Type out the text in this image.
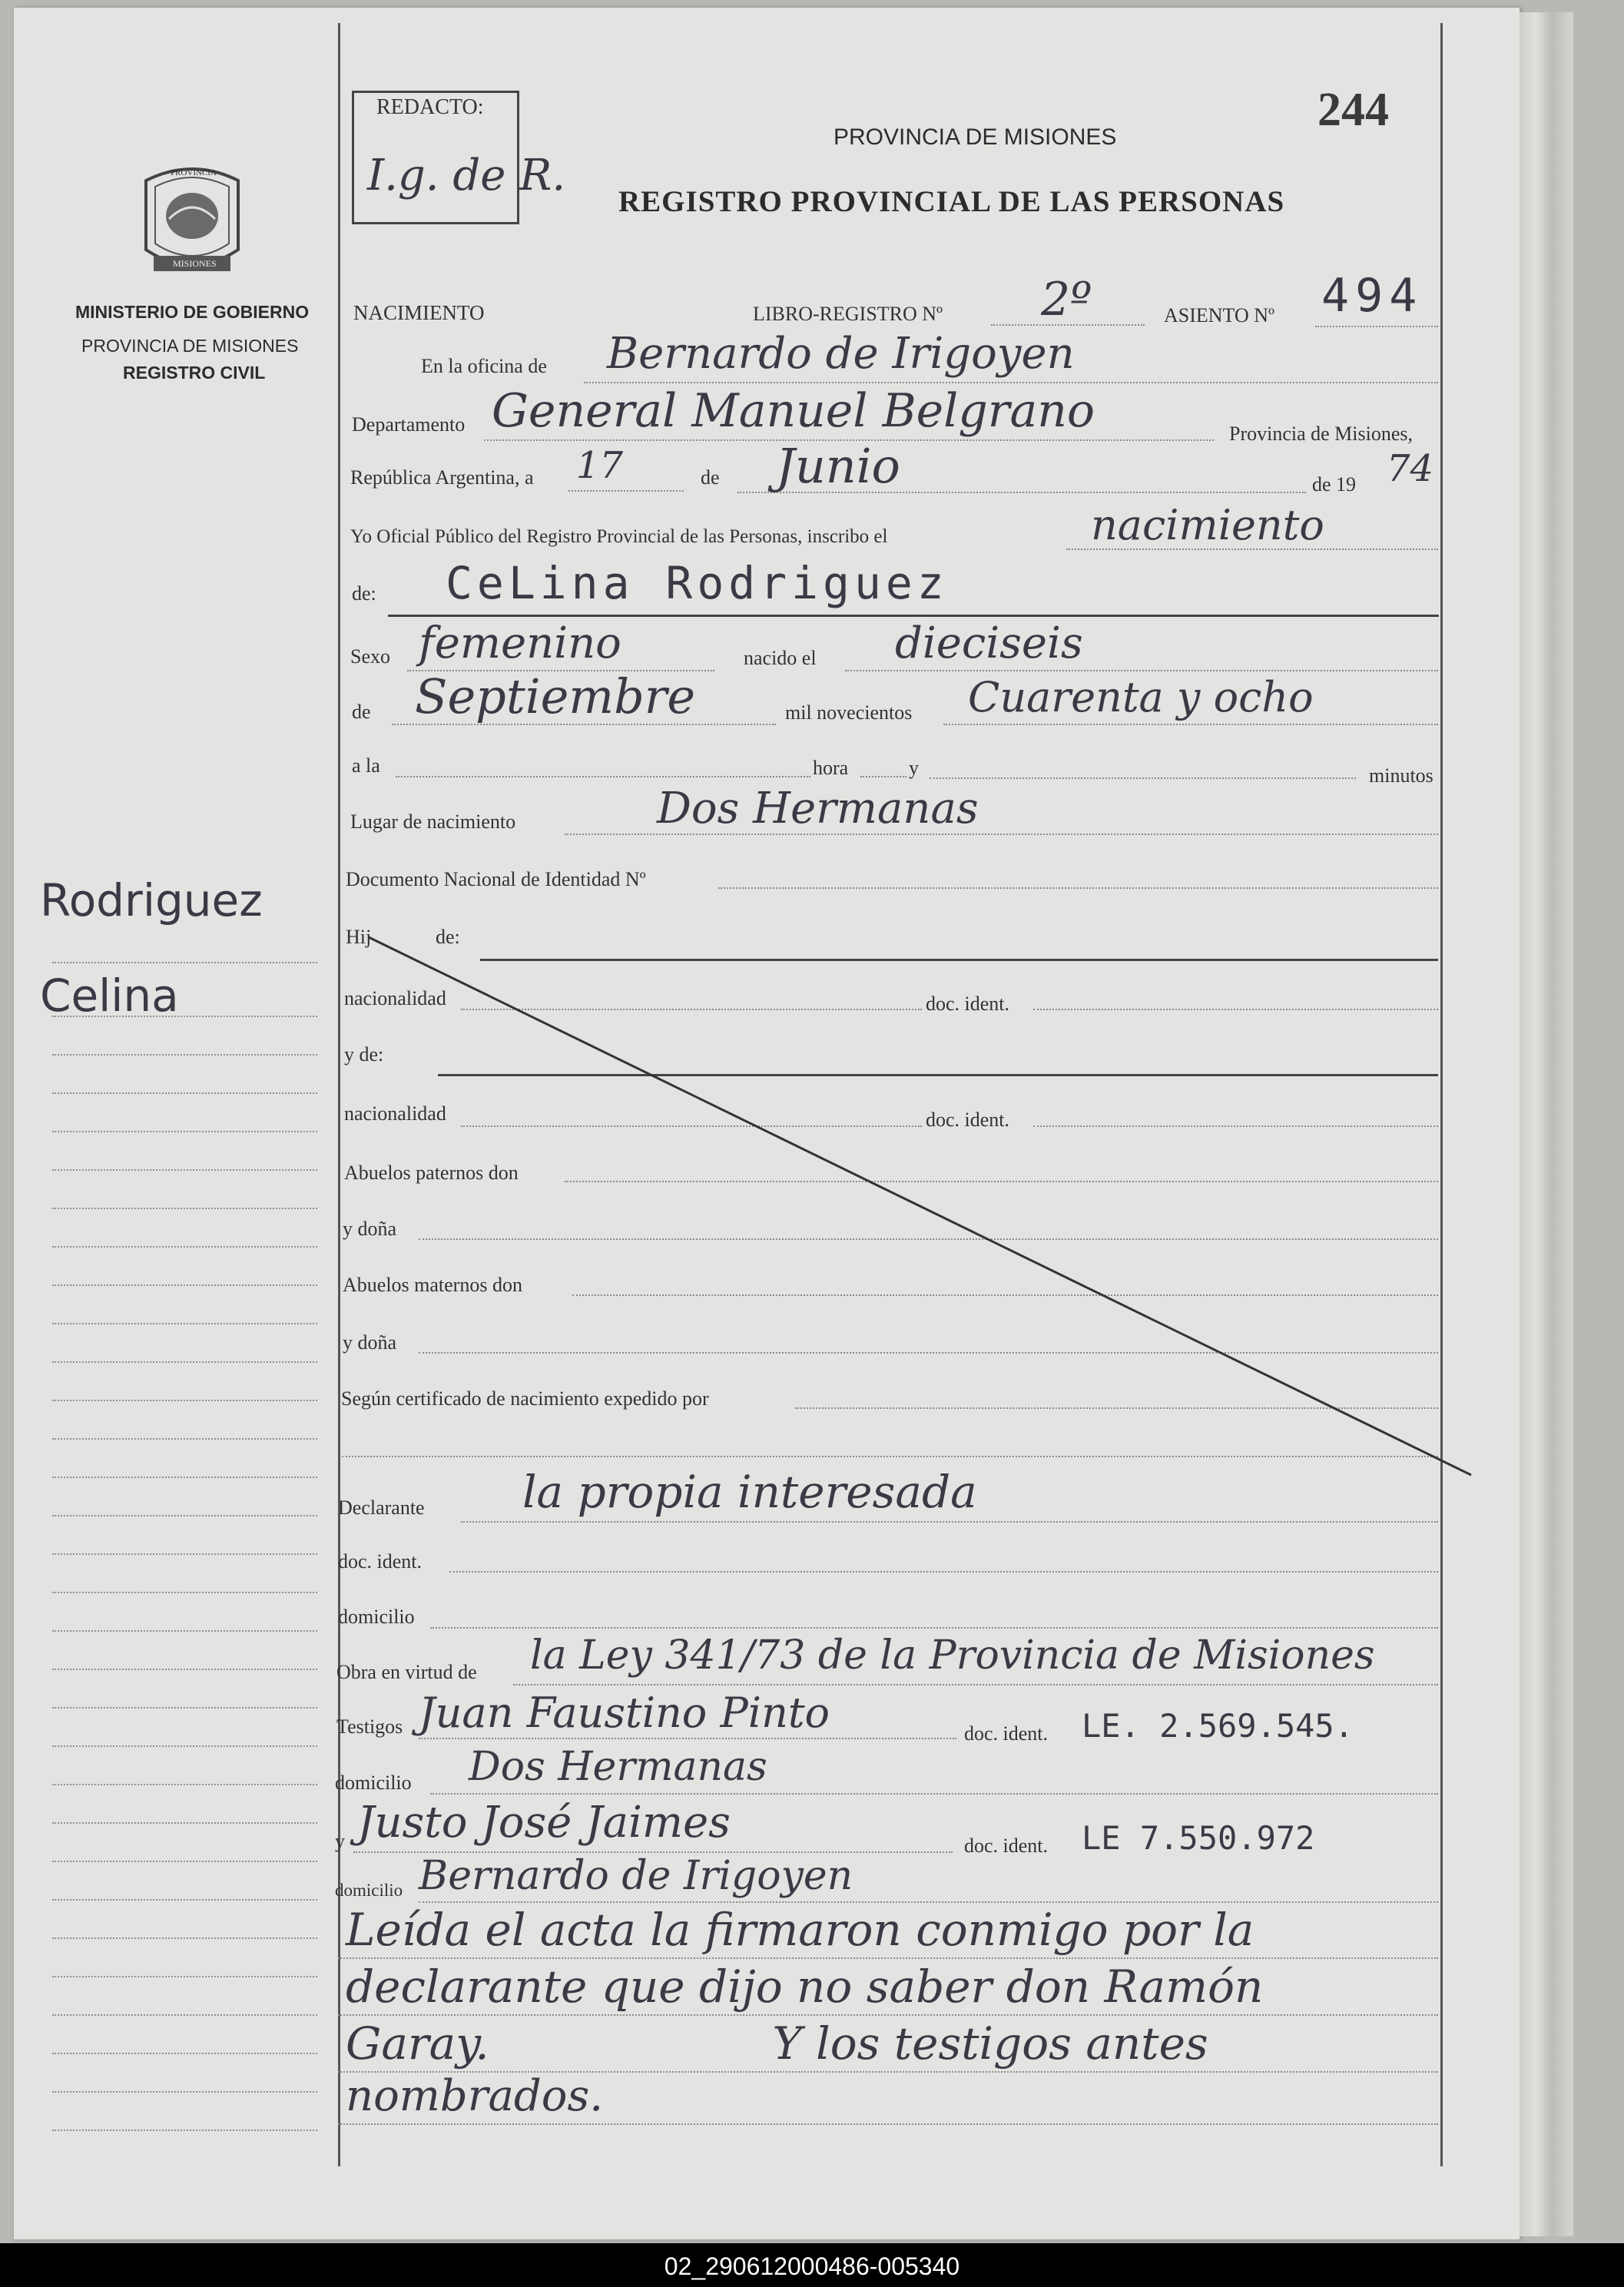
REDACTO:
I.g. de R.
244
PROVINCIA DE MISIONES
REGISTRO PROVINCIAL DE LAS PERSONAS
PROVINCIA
MISIONES
MINISTERIO DE GOBIERNO
PROVINCIA DE MISIONES
REGISTRO CIVIL
Rodriguez
Celina
NACIMIENTO	LIBRO-REGISTRO Nº 2º	ASIENTO Nº 494
En la oficina de Bernardo de Irigoyen
Departamento General Manuel Belgrano	Provincia de Misiones,
República Argentina, a 17	de Junio	de 19 74
Yo Oficial Público del Registro Provincial de las Personas, inscribo el	nacimiento
de: CeLina Rodriguez
Sexo femenino	nacido el dieciseis
de Septiembre	mil novecientos Cuarenta y ocho
a la	hora	y	minutos
Lugar de nacimiento	Dos Hermanas
Documento Nacional de Identidad Nº
Hij	de:
nacionalidad	doc. ident.
y de:
nacionalidad	doc. ident.
Abuelos paternos don
y doña
Abuelos maternos don
y doña
Según certificado de nacimiento expedido por
Declarante la propia interesada
doc. ident.
domicilio
Obra en virtud de la Ley 341/73 de la Provincia de Misiones
Testigos Juan Faustino Pinto	doc. ident. LE. 2.569.545.
domicilio Dos Hermanas
y Justo José Jaimes	doc. ident. LE 7.550.972
domicilio Bernardo de Irigoyen
Leída el acta la firmaron conmigo por la
declarante que dijo no saber don Ramón
Garay.                    Y los testigos antes
nombrados.
02_290612000486-005340
